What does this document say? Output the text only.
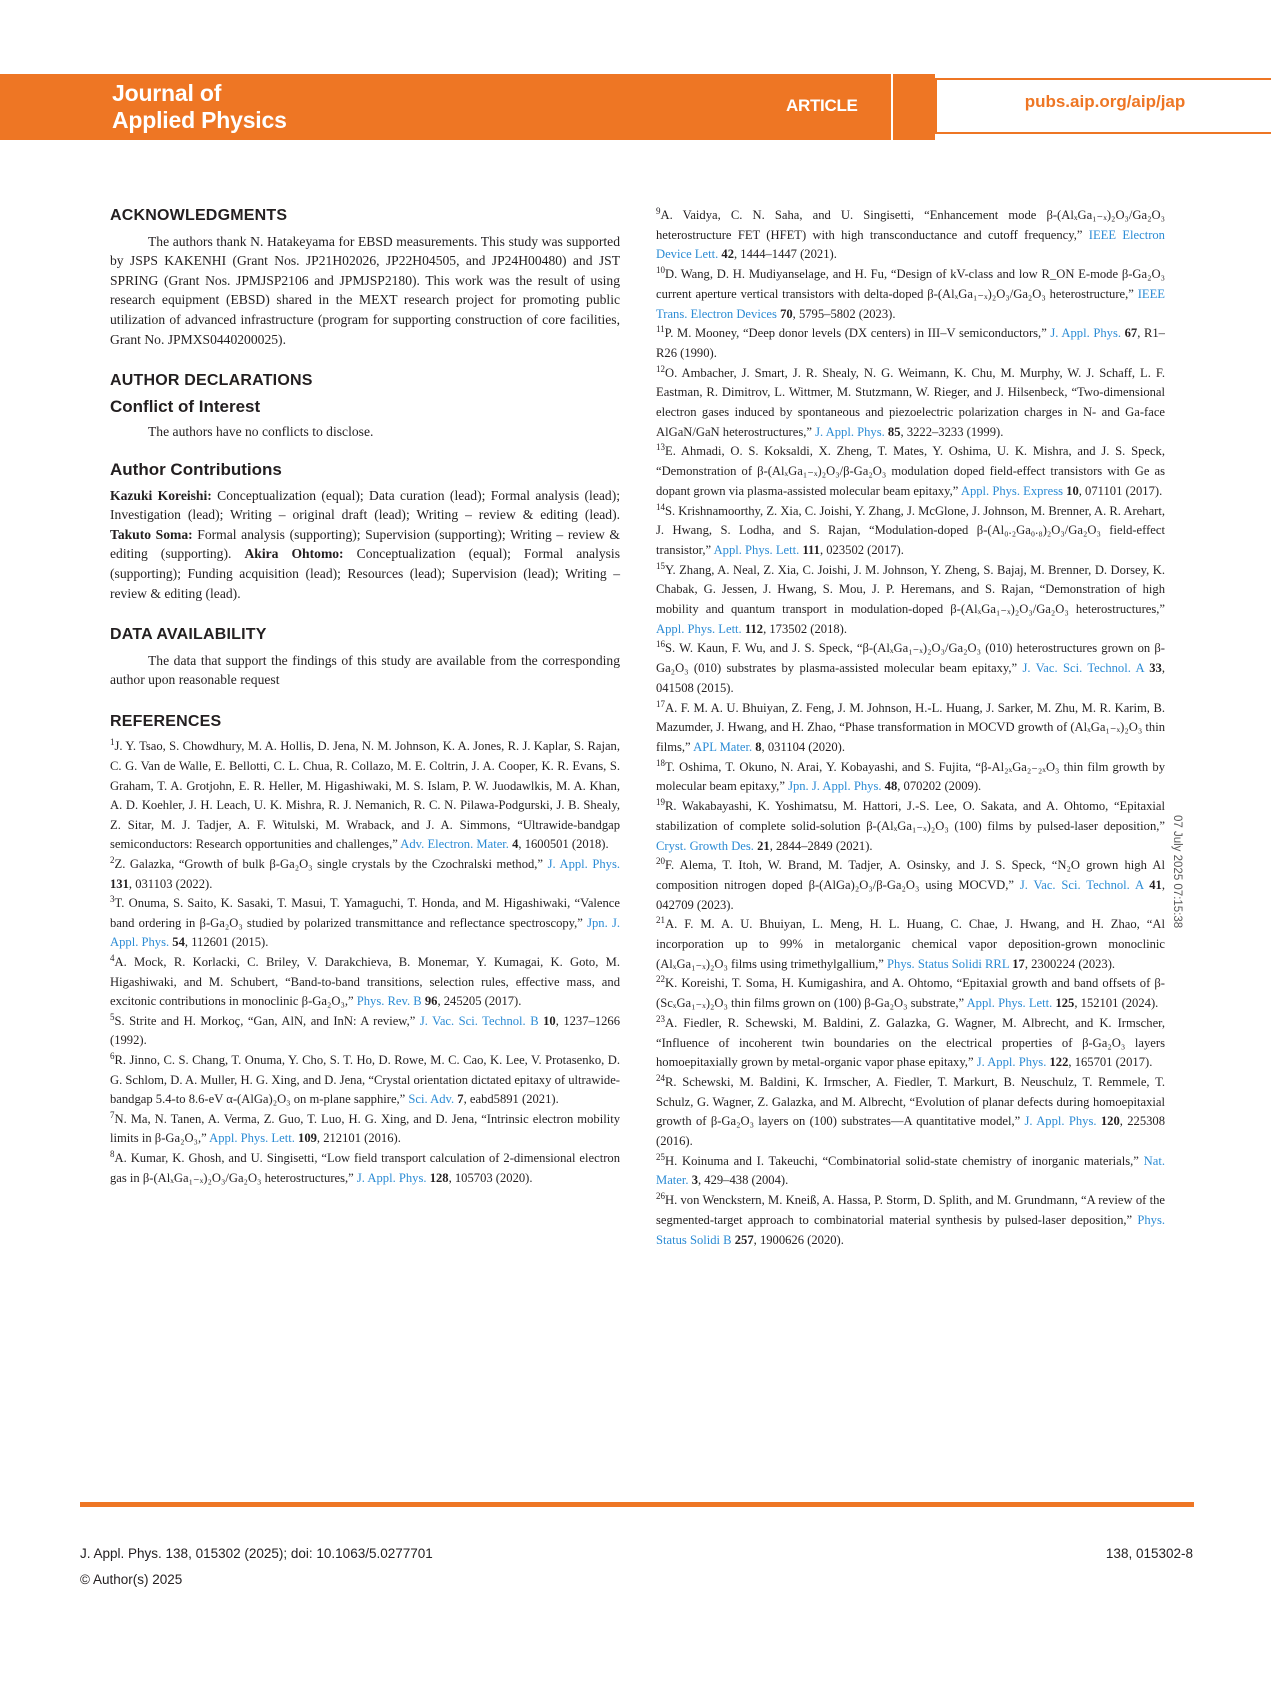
Journal of
Applied Physics
ARTICLE	pubs.aip.org/aip/jap
ACKNOWLEDGMENTS

The authors thank N. Hatakeyama for EBSD measurements. This study was supported by JSPS KAKENHI (Grant Nos. JP21H02026, JP22H04505, and JP24H00480) and JST SPRING (Grant Nos. JPMJSP2106 and JPMJSP2180). This work was the result of using research equipment (EBSD) shared in the MEXT research project for promoting public utilization of advanced infrastructure (program for supporting construction of core facilities, Grant No. JPMXS0440200025).

AUTHOR DECLARATIONS
Conflict of Interest

The authors have no conflicts to disclose.

Author Contributions

Kazuki Koreishi: Conceptualization (equal); Data curation (lead); Formal analysis (lead); Investigation (lead); Writing – original draft (lead); Writing – review & editing (lead). Takuto Soma: Formal analysis (supporting); Supervision (supporting); Writing – review & editing (supporting). Akira Ohtomo: Conceptualization (equal); Formal analysis (supporting); Funding acquisition (lead); Resources (lead); Supervision (lead); Writing – review & editing (lead).

DATA AVAILABILITY

The data that support the findings of this study are available from the corresponding author upon reasonable request

REFERENCES

$^1$J. Y. Tsao, S. Chowdhury, M. A. Hollis, D. Jena, N. M. Johnson, K. A. Jones, R. J. Kaplar, S. Rajan, C. G. Van de Walle, E. Bellotti, C. L. Chua, R. Collazo, M. E. Coltrin, J. A. Cooper, K. R. Evans, S. Graham, T. A. Grotjohn, E. R. Heller, M. Higashiwaki, M. S. Islam, P. W. Juodawlkis, M. A. Khan, A. D. Koehler, J. H. Leach, U. K. Mishra, R. J. Nemanich, R. C. N. Pilawa-Podgurski, J. B. Shealy, Z. Sitar, M. J. Tadjer, A. F. Witulski, M. Wraback, and J. A. Simmons, “Ultrawide-bandgap semiconductors: Research opportunities and challenges,” Adv. Electron. Mater. 4, 1600501 (2018).

$^2$Z. Galazka, “Growth of bulk β-Ga₂O₃ single crystals by the Czochralski method,” J. Appl. Phys. 131, 031103 (2022).

$^3$T. Onuma, S. Saito, K. Sasaki, T. Masui, T. Yamaguchi, T. Honda, and M. Higashiwaki, “Valence band ordering in β-Ga₂O₃ studied by polarized transmittance and reflectance spectroscopy,” Jpn. J. Appl. Phys. 54, 112601 (2015).

$^4$A. Mock, R. Korlacki, C. Briley, V. Darakchieva, B. Monemar, Y. Kumagai, K. Goto, M. Higashiwaki, and M. Schubert, “Band-to-band transitions, selection rules, effective mass, and excitonic contributions in monoclinic β-Ga₂O₃,” Phys. Rev. B 96, 245205 (2017).

$^5$S. Strite and H. Morkoç, “Gan, AlN, and InN: A review,” J. Vac. Sci. Technol. B 10, 1237–1266 (1992).

$^6$R. Jinno, C. S. Chang, T. Onuma, Y. Cho, S. T. Ho, D. Rowe, M. C. Cao, K. Lee, V. Protasenko, D. G. Schlom, D. A. Muller, H. G. Xing, and D. Jena, “Crystal orientation dictated epitaxy of ultrawide-bandgap 5.4-to 8.6-eV α-(AlGa)₂O₃ on m-plane sapphire,” Sci. Adv. 7, eabd5891 (2021).

$^7$N. Ma, N. Tanen, A. Verma, Z. Guo, T. Luo, H. G. Xing, and D. Jena, “Intrinsic electron mobility limits in β-Ga₂O₃,” Appl. Phys. Lett. 109, 212101 (2016).

$^8$A. Kumar, K. Ghosh, and U. Singisetti, “Low field transport calculation of 2-dimensional electron gas in β-(AlₓGa₁₋ₓ)₂O₃/Ga₂O₃ heterostructures,” J. Appl. Phys. 128, 105703 (2020).

$^9$A. Vaidya, C. N. Saha, and U. Singisetti, “Enhancement mode β-(AlₓGa₁₋ₓ)₂O₃/Ga₂O₃ heterostructure FET (HFET) with high transconductance and cutoff frequency,” IEEE Electron Device Lett. 42, 1444–1447 (2021).

$^{10}$D. Wang, D. H. Mudiyanselage, and H. Fu, “Design of kV-class and low R_ON E-mode β-Ga₂O₃ current aperture vertical transistors with delta-doped β-(AlₓGa₁₋ₓ)₂O₃/Ga₂O₃ heterostructure,” IEEE Trans. Electron Devices 70, 5795–5802 (2023).

$^{11}$P. M. Mooney, “Deep donor levels (DX centers) in III–V semiconductors,” J. Appl. Phys. 67, R1–R26 (1990).

$^{12}$O. Ambacher, J. Smart, J. R. Shealy, N. G. Weimann, K. Chu, M. Murphy, W. J. Schaff, L. F. Eastman, R. Dimitrov, L. Wittmer, M. Stutzmann, W. Rieger, and J. Hilsenbeck, “Two-dimensional electron gases induced by spontaneous and piezoelectric polarization charges in N- and Ga-face AlGaN/GaN heterostructures,” J. Appl. Phys. 85, 3222–3233 (1999).

$^{13}$E. Ahmadi, O. S. Koksaldi, X. Zheng, T. Mates, Y. Oshima, U. K. Mishra, and J. S. Speck, “Demonstration of β-(AlₓGa₁₋ₓ)₂O₃/β-Ga₂O₃ modulation doped field-effect transistors with Ge as dopant grown via plasma-assisted molecular beam epitaxy,” Appl. Phys. Express 10, 071101 (2017).

$^{14}$S. Krishnamoorthy, Z. Xia, C. Joishi, Y. Zhang, J. McGlone, J. Johnson, M. Brenner, A. R. Arehart, J. Hwang, S. Lodha, and S. Rajan, “Modulation-doped β-(Al₀.₂Ga₀.₈)₂O₃/Ga₂O₃ field-effect transistor,” Appl. Phys. Lett. 111, 023502 (2017).

$^{15}$Y. Zhang, A. Neal, Z. Xia, C. Joishi, J. M. Johnson, Y. Zheng, S. Bajaj, M. Brenner, D. Dorsey, K. Chabak, G. Jessen, J. Hwang, S. Mou, J. P. Heremans, and S. Rajan, “Demonstration of high mobility and quantum transport in modulation-doped β-(AlₓGa₁₋ₓ)₂O₃/Ga₂O₃ heterostructures,” Appl. Phys. Lett. 112, 173502 (2018).

$^{16}$S. W. Kaun, F. Wu, and J. S. Speck, “β-(AlₓGa₁₋ₓ)₂O₃/Ga₂O₃ (010) heterostructures grown on β-Ga₂O₃ (010) substrates by plasma-assisted molecular beam epitaxy,” J. Vac. Sci. Technol. A 33, 041508 (2015).

$^{17}$A. F. M. A. U. Bhuiyan, Z. Feng, J. M. Johnson, H.-L. Huang, J. Sarker, M. Zhu, M. R. Karim, B. Mazumder, J. Hwang, and H. Zhao, “Phase transformation in MOCVD growth of (AlₓGa₁₋ₓ)₂O₃ thin films,” APL Mater. 8, 031104 (2020).

$^{18}$T. Oshima, T. Okuno, N. Arai, Y. Kobayashi, and S. Fujita, “β-Al₂ₓGa₂₋₂ₓO₃ thin film growth by molecular beam epitaxy,” Jpn. J. Appl. Phys. 48, 070202 (2009).

$^{19}$R. Wakabayashi, K. Yoshimatsu, M. Hattori, J.-S. Lee, O. Sakata, and A. Ohtomo, “Epitaxial stabilization of complete solid-solution β-(AlₓGa₁₋ₓ)₂O₃ (100) films by pulsed-laser deposition,” Cryst. Growth Des. 21, 2844–2849 (2021).

$^{20}$F. Alema, T. Itoh, W. Brand, M. Tadjer, A. Osinsky, and J. S. Speck, “N₂O grown high Al composition nitrogen doped β-(AlGa)₂O₃/β-Ga₂O₃ using MOCVD,” J. Vac. Sci. Technol. A 41, 042709 (2023).

$^{21}$A. F. M. A. U. Bhuiyan, L. Meng, H. L. Huang, C. Chae, J. Hwang, and H. Zhao, “Al incorporation up to 99% in metalorganic chemical vapor deposition-grown monoclinic (AlₓGa₁₋ₓ)₂O₃ films using trimethylgallium,” Phys. Status Solidi RRL 17, 2300224 (2023).

$^{22}$K. Koreishi, T. Soma, H. Kumigashira, and A. Ohtomo, “Epitaxial growth and band offsets of β-(ScₓGa₁₋ₓ)₂O₃ thin films grown on (100) β-Ga₂O₃ substrate,” Appl. Phys. Lett. 125, 152101 (2024).

$^{23}$A. Fiedler, R. Schewski, M. Baldini, Z. Galazka, G. Wagner, M. Albrecht, and K. Irmscher, “Influence of incoherent twin boundaries on the electrical properties of β-Ga₂O₃ layers homoepitaxially grown by metal-organic vapor phase epitaxy,” J. Appl. Phys. 122, 165701 (2017).

$^{24}$R. Schewski, M. Baldini, K. Irmscher, A. Fiedler, T. Markurt, B. Neuschulz, T. Remmele, T. Schulz, G. Wagner, Z. Galazka, and M. Albrecht, “Evolution of planar defects during homoepitaxial growth of β-Ga₂O₃ layers on (100) substrates—A quantitative model,” J. Appl. Phys. 120, 225308 (2016).

$^{25}$H. Koinuma and I. Takeuchi, “Combinatorial solid-state chemistry of inorganic materials,” Nat. Mater. 3, 429–438 (2004).

$^{26}$H. von Wenckstern, M. Kneiß, A. Hassa, P. Storm, D. Splith, and M. Grundmann, “A review of the segmented-target approach to combinatorial material synthesis by pulsed-laser deposition,” Phys. Status Solidi B 257, 1900626 (2020).

07 July 2025 07:15:38
J. Appl. Phys. 138, 015302 (2025); doi: 10.1063/5.0277701
© Author(s) 2025
138, 015302-8
